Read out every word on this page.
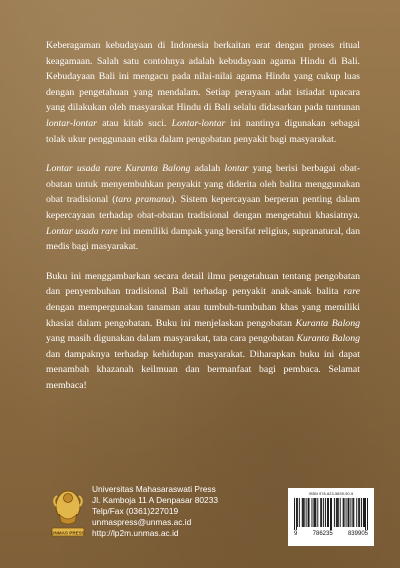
Keberagaman kebudayaan di Indonesia berkaitan erat dengan proses ritual keagamaan. Salah satu contohnya adalah kebudayaan agama Hindu di Bali. Kebudayaan Bali ini mengacu pada nilai-nilai agama Hindu yang cukup luas dengan pengetahuan yang mendalam. Setiap perayaan adat istiadat upacara yang dilakukan oleh masyarakat Hindu di Bali selalu didasarkan pada tuntunan lontar-lontar atau kitab suci. Lontar-lontar ini nantinya digunakan sebagai tolak ukur penggunaan etika dalam pengobatan penyakit bagi masyarakat.

Lontar usada rare Kuranta Balong adalah lontar yang berisi berbagai obat-obatan untuk menyembuhkan penyakit yang diderita oleh balita menggunakan obat tradisional (taro pramana). Sistem kepercayaan berperan penting dalam kepercayaan terhadap obat-obatan tradisional dengan mengetahui khasiatnya. Lontar usada rare ini memiliki dampak yang bersifat religius, supranatural, dan medis bagi masyarakat.

Buku ini menggambarkan secara detail ilmu pengetahuan tentang pengobatan dan penyembuhan tradisional Bali terhadap penyakit anak-anak balita rare dengan mempergunakan tanaman atau tumbuh-tumbuhan khas yang memiliki khasiat dalam pengobatan. Buku ini menjelaskan pengobatan Kuranta Balong yang masih digunakan dalam masyarakat, tata cara pengobatan Kuranta Balong dan dampaknya terhadap kehidupan masyarakat. Diharapkan buku ini dapat menambah khazanah keilmuan dan bermanfaat bagi pembaca. Selamat membaca!

UNMAS PRESS
Universitas Mahasaraswati Press
Jl. Kamboja 11 A Denpasar 80233
Telp/Fax (0361)227019
unmaspress@unmas.ac.id
http://lp2m.unmas.ac.id
ISBN 978-623-5839-90-5
9	786235	839905
